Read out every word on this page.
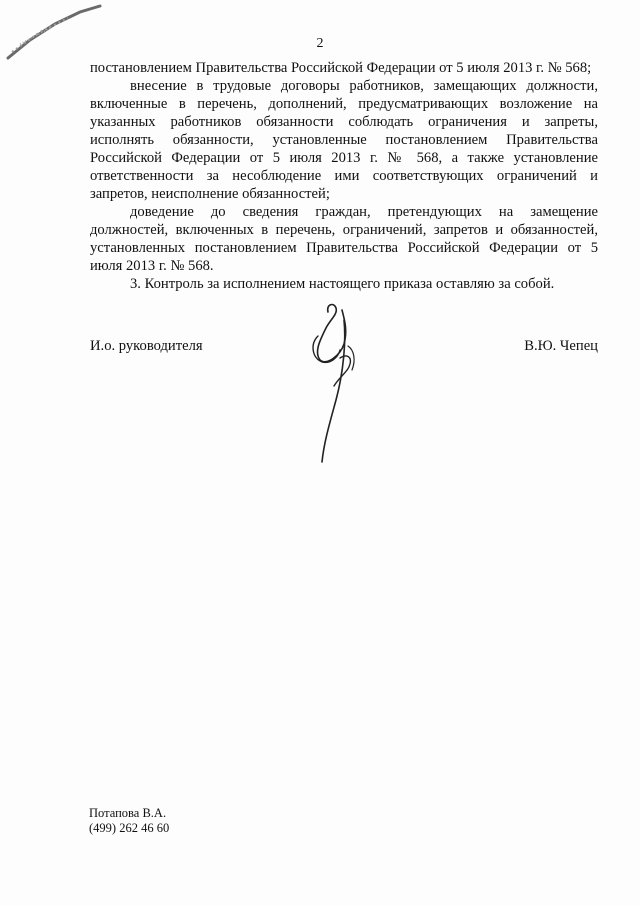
2

постановлением Правительства Российской Федерации от 5 июля 2013 г. № 568;

внесение в трудовые договоры работников, замещающих должности, включенные в перечень, дополнений, предусматривающих возложение на указанных работников обязанности соблюдать ограничения и запреты, исполнять обязанности, установленные постановлением Правительства Российской Федерации от 5 июля 2013 г. № 568, а также установление ответственности за несоблюдение ими соответствующих ограничений и запретов, неисполнение обязанностей;

доведение до сведения граждан, претендующих на замещение должностей, включенных в перечень, ограничений, запретов и обязанностей, установленных постановлением Правительства Российской Федерации от 5 июля 2013 г. № 568.

3. Контроль за исполнением настоящего приказа оставляю за собой.

И.о. руководителя	В.Ю. Чепец
Потапова В.А.
(499) 262 46 60
